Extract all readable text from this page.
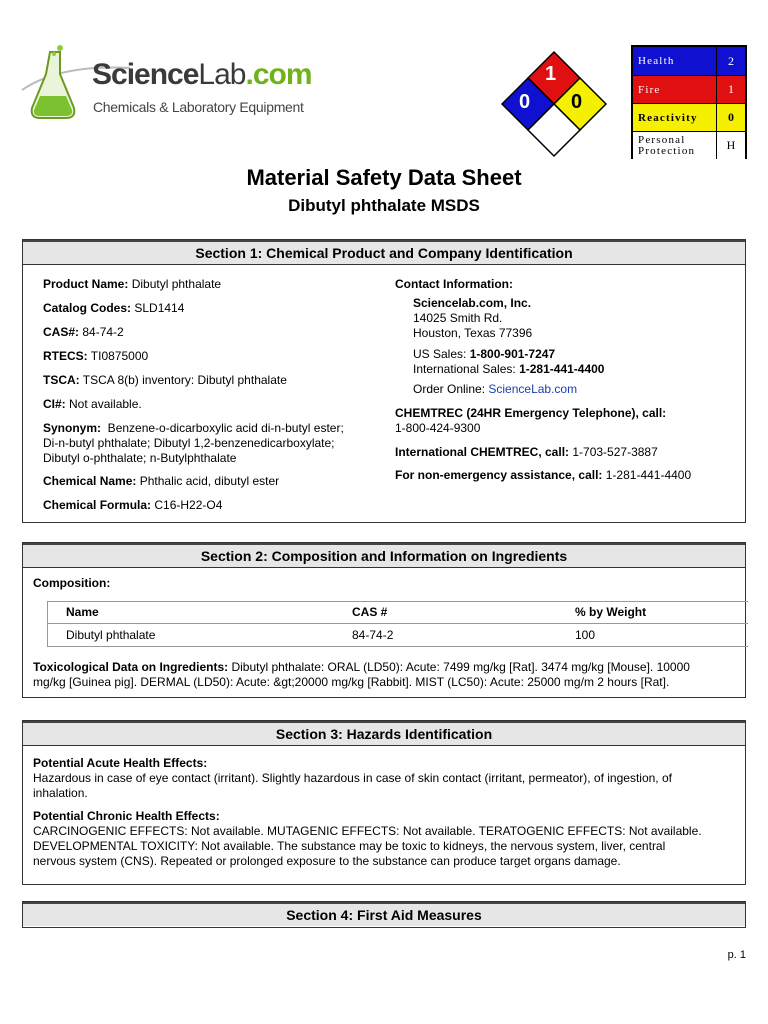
ScienceLab.com
Chemicals & Laboratory Equipment
1
0 0
Health	2
Fire	1
Reactivity	0
Personal
Protection	H
Material Safety Data Sheet
Dibutyl phthalate MSDS
Section 1: Chemical Product and Company Identification
Product Name: Dibutyl phthalate
Catalog Codes: SLD1414
CAS#: 84-74-2
RTECS: TI0875000
TSCA: TSCA 8(b) inventory: Dibutyl phthalate
CI#: Not available.
Synonym:  Benzene-o-dicarboxylic acid di-n-butyl ester;
Di-n-butyl phthalate; Dibutyl 1,2-benzenedicarboxylate;
Dibutyl o-phthalate; n-Butylphthalate
Chemical Name: Phthalic acid, dibutyl ester
Chemical Formula: C16-H22-O4
Contact Information:
Sciencelab.com, Inc.
14025 Smith Rd.
Houston, Texas 77396
US Sales: 1-800-901-7247
International Sales: 1-281-441-4400
Order Online: ScienceLab.com
CHEMTREC (24HR Emergency Telephone), call:
1-800-424-9300
International CHEMTREC, call: 1-703-527-3887
For non-emergency assistance, call: 1-281-441-4400
Section 2: Composition and Information on Ingredients
Composition:
Name	CAS #	% by Weight
Dibutyl phthalate	84-74-2	100
Toxicological Data on Ingredients: Dibutyl phthalate: ORAL (LD50): Acute: 7499 mg/kg [Rat]. 3474 mg/kg [Mouse]. 10000
mg/kg [Guinea pig]. DERMAL (LD50): Acute: &gt;20000 mg/kg [Rabbit]. MIST (LC50): Acute: 25000 mg/m 2 hours [Rat].
Section 3: Hazards Identification
Potential Acute Health Effects:
Hazardous in case of eye contact (irritant). Slightly hazardous in case of skin contact (irritant, permeator), of ingestion, of
inhalation.
Potential Chronic Health Effects:
CARCINOGENIC EFFECTS: Not available. MUTAGENIC EFFECTS: Not available. TERATOGENIC EFFECTS: Not available.
DEVELOPMENTAL TOXICITY: Not available. The substance may be toxic to kidneys, the nervous system, liver, central
nervous system (CNS). Repeated or prolonged exposure to the substance can produce target organs damage.
Section 4: First Aid Measures
p. 1
